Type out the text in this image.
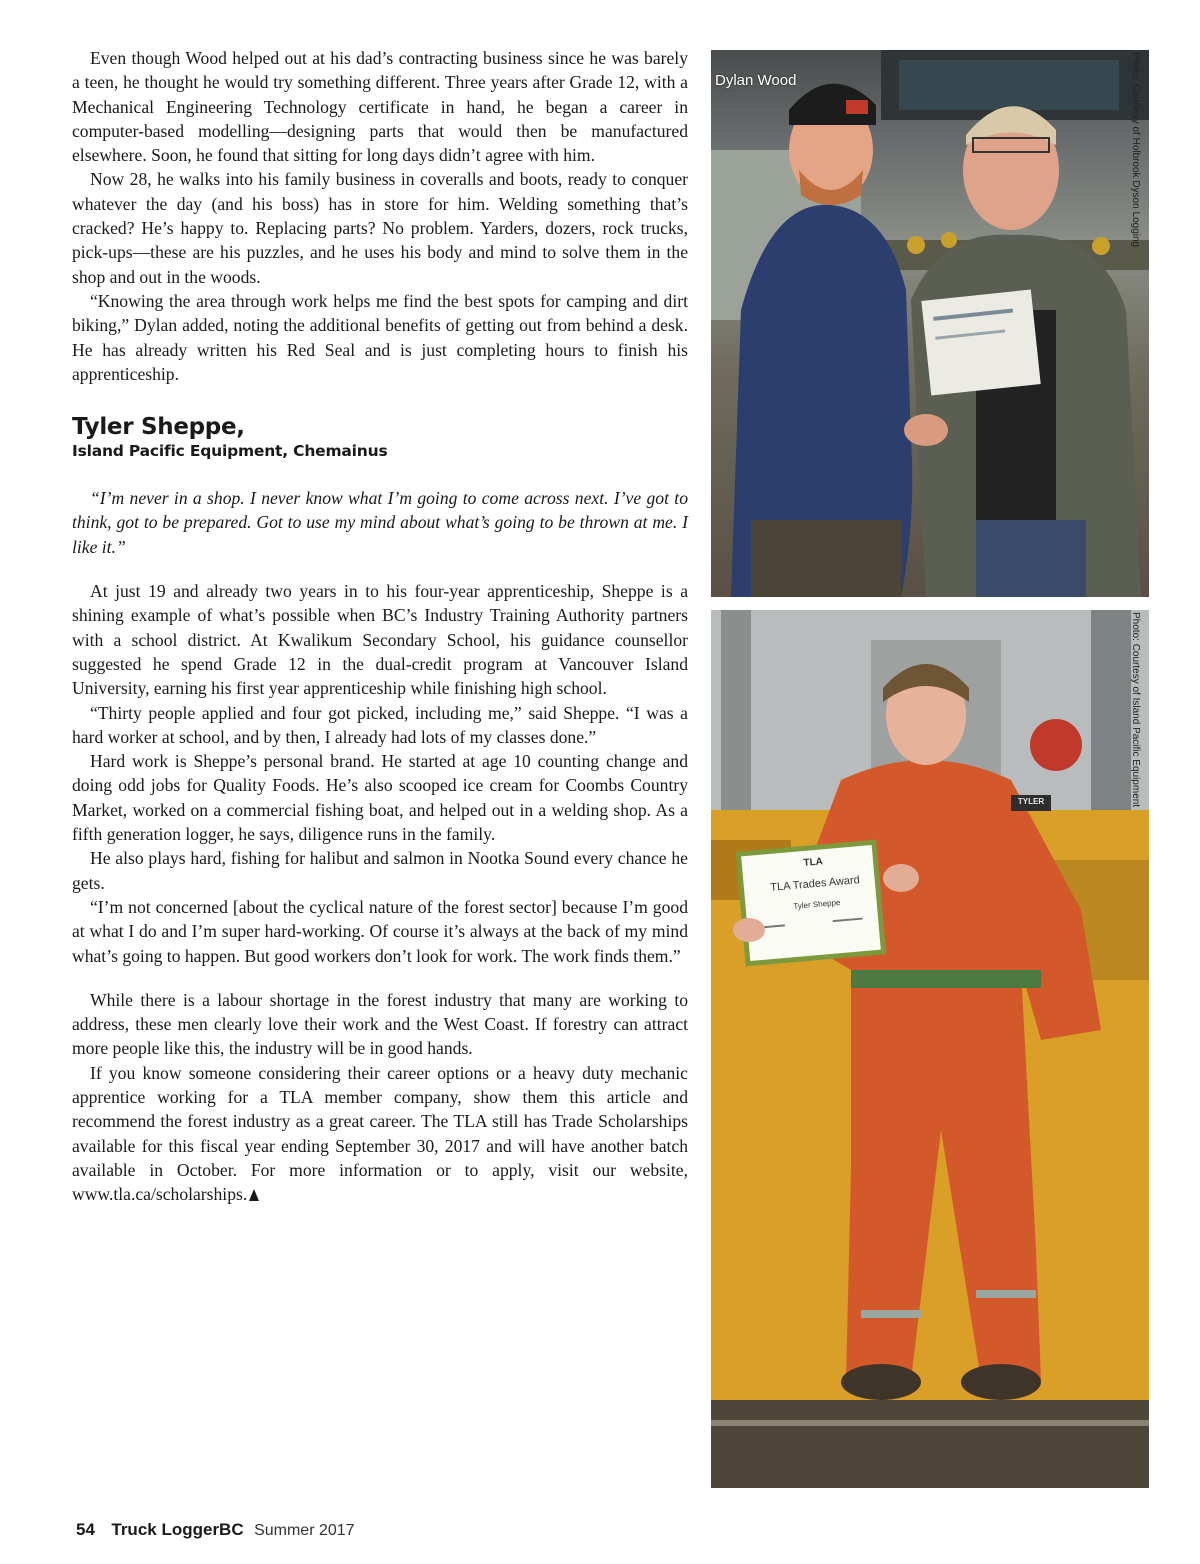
Even though Wood helped out at his dad’s contracting business since he was barely a teen, he thought he would try something different. Three years after Grade 12, with a Mechanical Engineering Technology certificate in hand, he began a career in computer-based modelling—designing parts that would then be manufactured elsewhere. Soon, he found that sitting for long days didn’t agree with him.

Now 28, he walks into his family business in coveralls and boots, ready to conquer whatever the day (and his boss) has in store for him. Welding something that’s cracked? He’s happy to. Replacing parts? No problem. Yarders, dozers, rock trucks, pick-ups—these are his puzzles, and he uses his body and mind to solve them in the shop and out in the woods.

“Knowing the area through work helps me find the best spots for camping and dirt biking,” Dylan added, noting the additional benefits of getting out from behind a desk. He has already written his Red Seal and is just completing hours to finish his apprenticeship.

Tyler Sheppe,
Island Pacific Equipment, Chemainus

“I’m never in a shop. I never know what I’m going to come across next. I’ve got to think, got to be prepared. Got to use my mind about what’s going to be thrown at me. I like it.”

At just 19 and already two years in to his four-year apprenticeship, Sheppe is a shining example of what’s possible when BC’s Industry Training Authority partners with a school district. At Kwalikum Secondary School, his guidance counsellor suggested he spend Grade 12 in the dual-credit program at Vancouver Island University, earning his first year apprenticeship while finishing high school.

“Thirty people applied and four got picked, including me,” said Sheppe. “I was a hard worker at school, and by then, I already had lots of my classes done.”

Hard work is Sheppe’s personal brand. He started at age 10 counting change and doing odd jobs for Quality Foods. He’s also scooped ice cream for Coombs Country Market, worked on a commercial fishing boat, and helped out in a welding shop. As a fifth generation logger, he says, diligence runs in the family.

He also plays hard, fishing for halibut and salmon in Nootka Sound every chance he gets.

“I’m not concerned [about the cyclical nature of the forest sector] because I’m good at what I do and I’m super hard-working. Of course it’s always at the back of my mind what’s going to happen. But good workers don’t look for work. The work finds them.”

While there is a labour shortage in the forest industry that many are working to address, these men clearly love their work and the West Coast. If forestry can attract more people like this, the industry will be in good hands.

If you know someone considering their career options or a heavy duty mechanic apprentice working for a TLA member company, show them this article and recommend the forest industry as a great career. The TLA still has Trade Scholarships available for this fiscal year ending September 30, 2017 and will have another batch available in October. For more information or to apply, visit our website, www.tla.ca/scholarships.

Dylan Wood	Photo: Courtesy of Holbrook Dyson Logging
TLA
TLA Trades Award
Tyler Sheppe
TYLER	Photo: Courtesy of Island Pacific Equipment
54 Truck LoggerBC Summer 2017
